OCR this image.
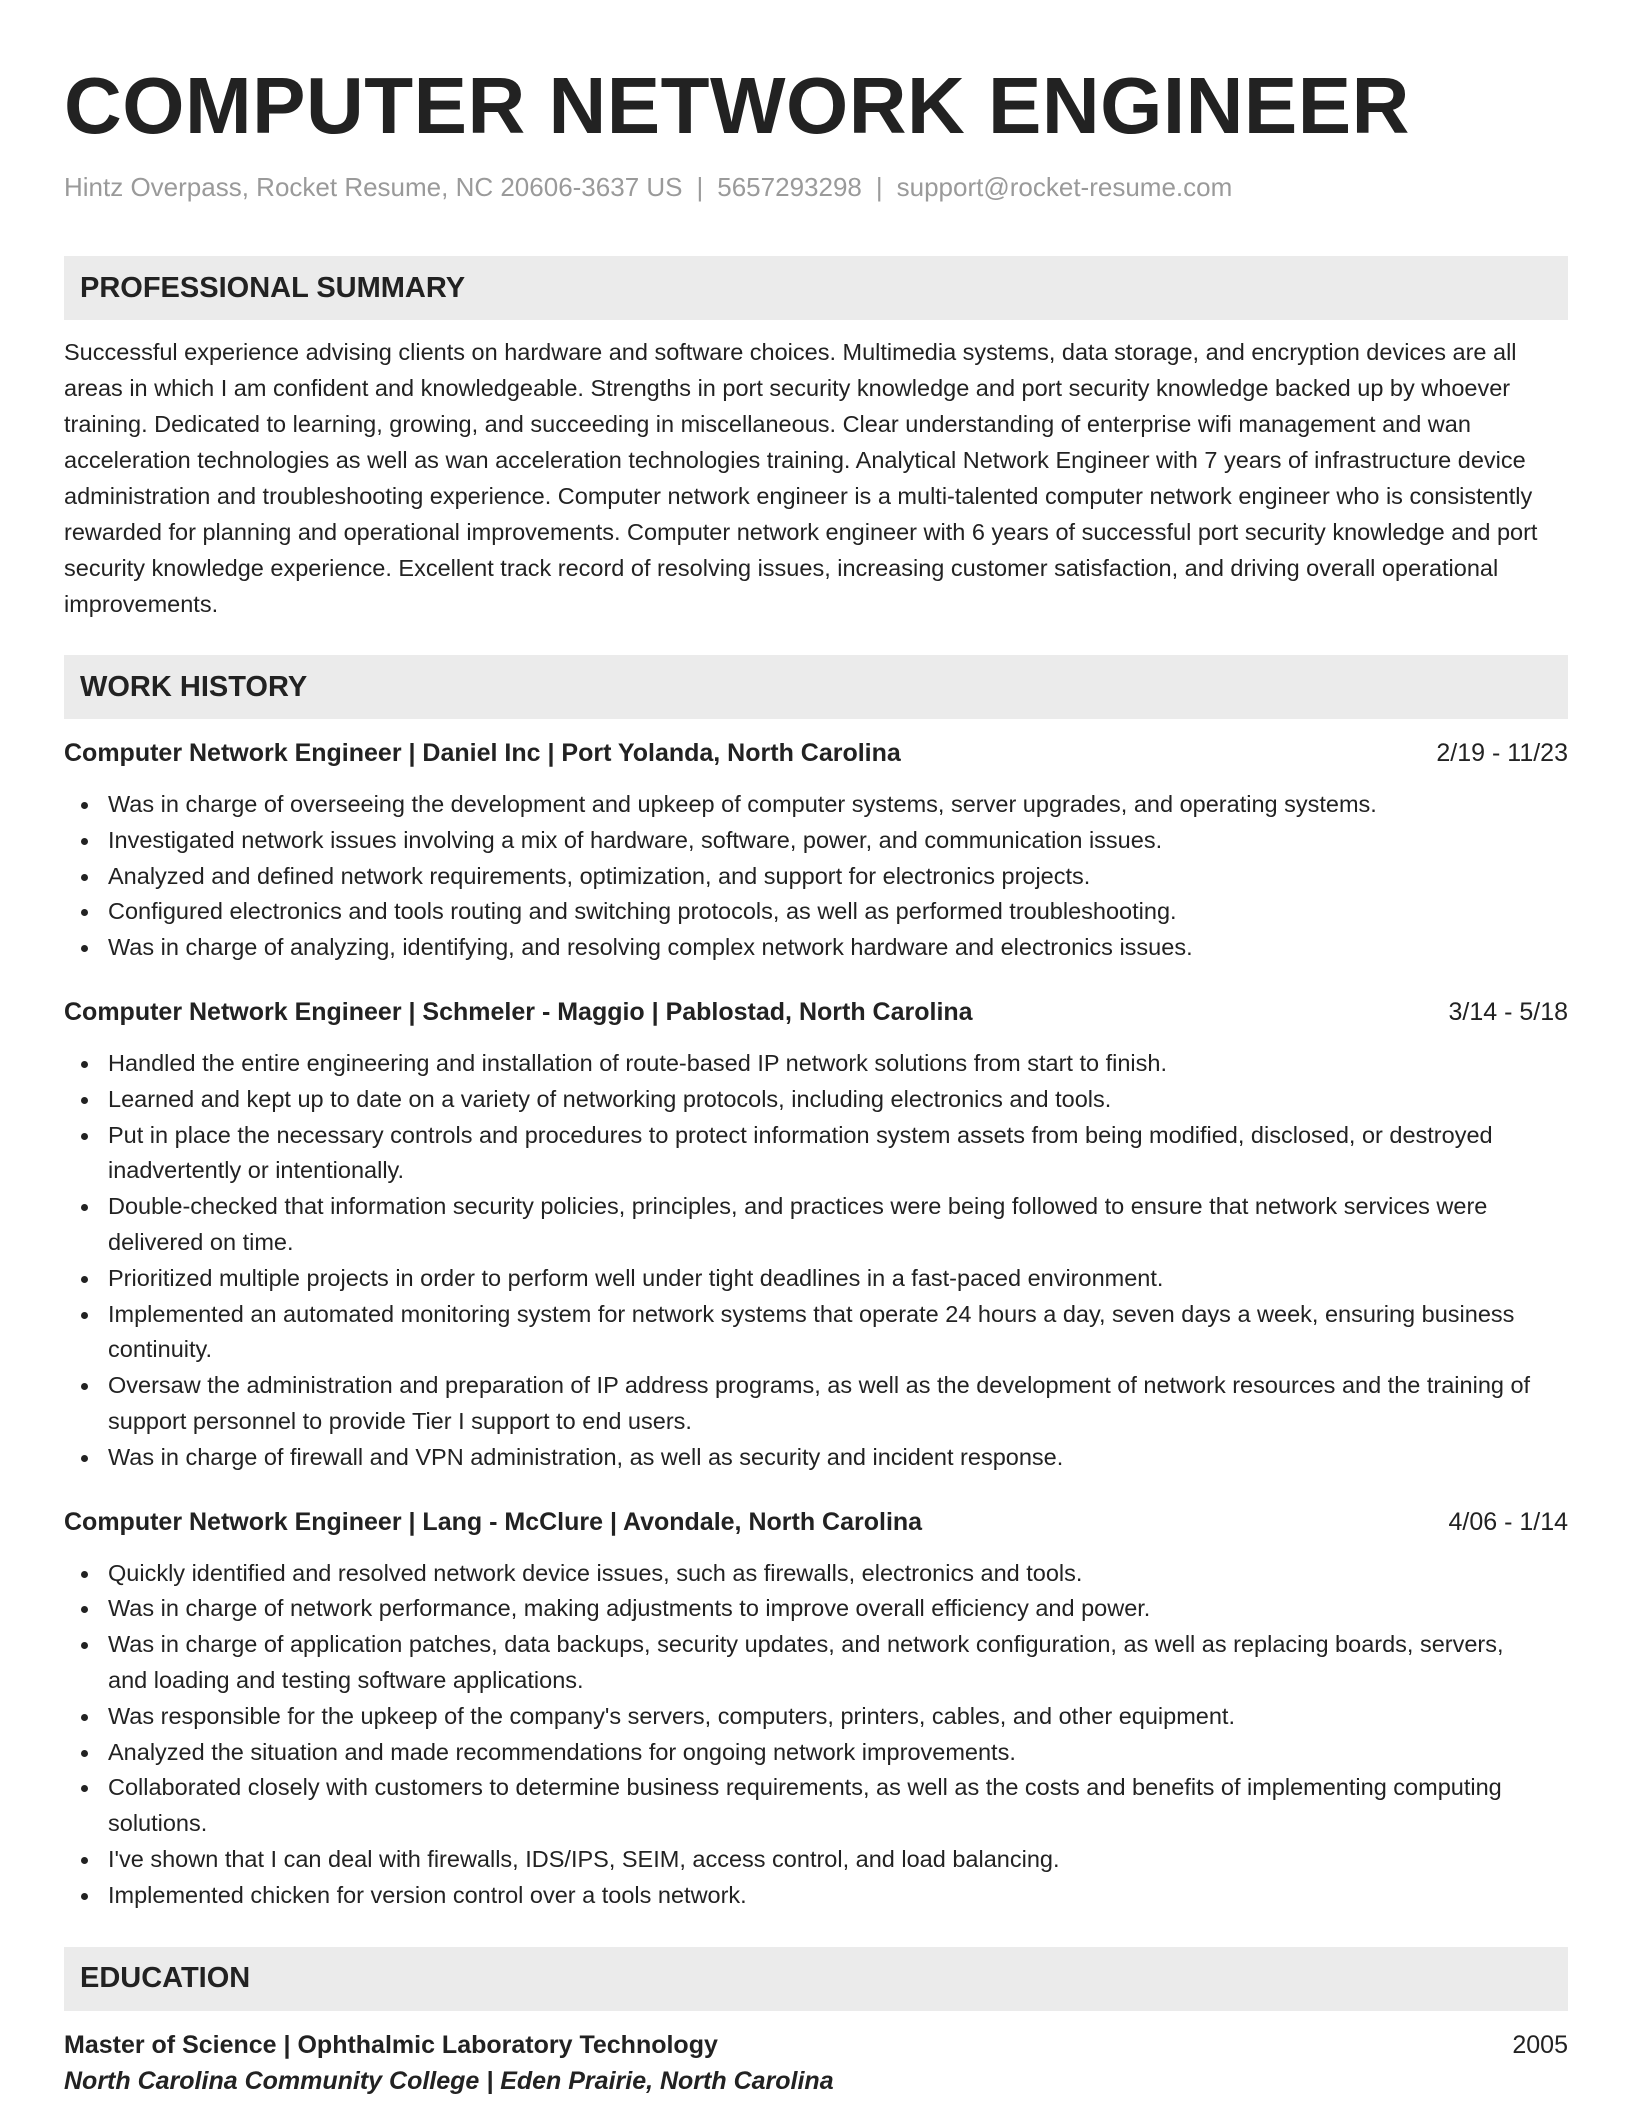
COMPUTER NETWORK ENGINEER
Hintz Overpass, Rocket Resume, NC 20606-3637 US | 5657293298 | support@rocket-resume.com
PROFESSIONAL SUMMARY
Successful experience advising clients on hardware and software choices. Multimedia systems, data storage, and encryption devices are all areas in which I am confident and knowledgeable. Strengths in port security knowledge and port security knowledge backed up by whoever training. Dedicated to learning, growing, and succeeding in miscellaneous. Clear understanding of enterprise wifi management and wan acceleration technologies as well as wan acceleration technologies training. Analytical Network Engineer with 7 years of infrastructure device administration and troubleshooting experience. Computer network engineer is a multi-talented computer network engineer who is consistently rewarded for planning and operational improvements. Computer network engineer with 6 years of successful port security knowledge and port security knowledge experience. Excellent track record of resolving issues, increasing customer satisfaction, and driving overall operational improvements.
WORK HISTORY
Computer Network Engineer | Daniel Inc | Port Yolanda, North Carolina	2/19 - 11/23
Was in charge of overseeing the development and upkeep of computer systems, server upgrades, and operating systems.
Investigated network issues involving a mix of hardware, software, power, and communication issues.
Analyzed and defined network requirements, optimization, and support for electronics projects.
Configured electronics and tools routing and switching protocols, as well as performed troubleshooting.
Was in charge of analyzing, identifying, and resolving complex network hardware and electronics issues.
Computer Network Engineer | Schmeler - Maggio | Pablostad, North Carolina	3/14 - 5/18
Handled the entire engineering and installation of route-based IP network solutions from start to finish.
Learned and kept up to date on a variety of networking protocols, including electronics and tools.
Put in place the necessary controls and procedures to protect information system assets from being modified, disclosed, or destroyed inadvertently or intentionally.
Double-checked that information security policies, principles, and practices were being followed to ensure that network services were delivered on time.
Prioritized multiple projects in order to perform well under tight deadlines in a fast-paced environment.
Implemented an automated monitoring system for network systems that operate 24 hours a day, seven days a week, ensuring business continuity.
Oversaw the administration and preparation of IP address programs, as well as the development of network resources and the training of support personnel to provide Tier I support to end users.
Was in charge of firewall and VPN administration, as well as security and incident response.
Computer Network Engineer | Lang - McClure | Avondale, North Carolina	4/06 - 1/14
Quickly identified and resolved network device issues, such as firewalls, electronics and tools.
Was in charge of network performance, making adjustments to improve overall efficiency and power.
Was in charge of application patches, data backups, security updates, and network configuration, as well as replacing boards, servers, and loading and testing software applications.
Was responsible for the upkeep of the company's servers, computers, printers, cables, and other equipment.
Analyzed the situation and made recommendations for ongoing network improvements.
Collaborated closely with customers to determine business requirements, as well as the costs and benefits of implementing computing solutions.
I've shown that I can deal with firewalls, IDS/IPS, SEIM, access control, and load balancing.
Implemented chicken for version control over a tools network.
EDUCATION
Master of Science | Ophthalmic Laboratory Technology	2005
North Carolina Community College | Eden Prairie, North Carolina
